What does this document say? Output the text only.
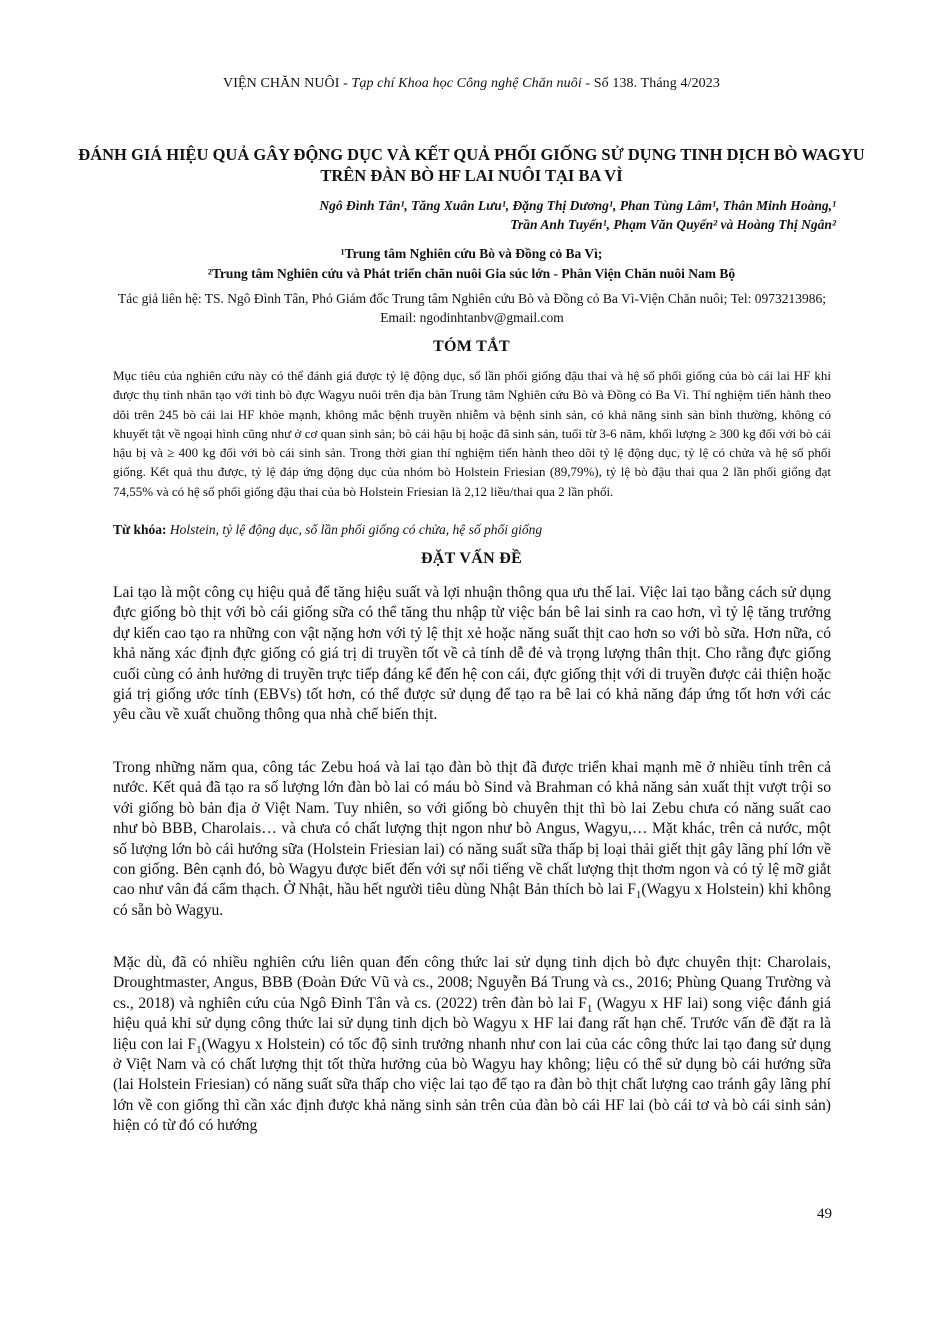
VIỆN CHĂN NUÔI - Tạp chí Khoa học Công nghệ Chăn nuôi - Số 138. Tháng 4/2023
ĐÁNH GIÁ HIỆU QUẢ GÂY ĐỘNG DỤC VÀ KẾT QUẢ PHỐI GIỐNG SỬ DỤNG TINH DỊCH BÒ WAGYU TRÊN ĐÀN BÒ HF LAI NUÔI TẠI BA VÌ
Ngô Đình Tân¹, Tăng Xuân Lưu¹, Đặng Thị Dương¹, Phan Tùng Lâm¹, Thân Minh Hoàng,¹
Trần Anh Tuyến¹, Phạm Văn Quyến² và Hoàng Thị Ngân²
¹Trung tâm Nghiên cứu Bò và Đồng cỏ Ba Vì;
²Trung tâm Nghiên cứu và Phát triển chăn nuôi Gia súc lớn - Phân Viện Chăn nuôi Nam Bộ
Tác giả liên hệ: TS. Ngô Đình Tân, Phó Giám đốc Trung tâm Nghiên cứu Bò và Đồng cỏ Ba Vì-Viện Chăn nuôi; Tel: 0973213986; Email: ngodinhtanbv@gmail.com
TÓM TẮT
Mục tiêu của nghiên cứu này có thể đánh giá được tỷ lệ động dục, số lần phối giống đậu thai và hệ số phối giống của bò cái lai HF khi được thụ tinh nhân tạo với tinh bò đực Wagyu nuôi trên địa bàn Trung tâm Nghiên cứu Bò và Đồng cỏ Ba Vì. Thí nghiệm tiến hành theo dõi trên 245 bò cái lai HF khỏe mạnh, không mắc bệnh truyền nhiễm và bệnh sinh sản, có khả năng sinh sản bình thường, không có khuyết tật về ngoại hình cũng như ở cơ quan sinh sản; bò cái hậu bị hoặc đã sinh sản, tuổi từ 3-6 năm, khối lượng ≥ 300 kg đối với bò cái hậu bị và ≥ 400 kg đối với bò cái sinh sản. Trong thời gian thí nghiệm tiến hành theo dõi tỷ lệ động dục, tỷ lệ có chửa và hệ số phối giống. Kết quả thu được, tỷ lệ đáp ứng động dục của nhóm bò Holstein Friesian (89,79%), tỷ lệ bò đậu thai qua 2 lần phối giống đạt 74,55% và có hệ số phối giống đậu thai của bò Holstein Friesian là 2,12 liều/thai qua 2 lần phối.
Từ khóa: Holstein, tỷ lệ động dục, số lần phối giống có chửa, hệ số phối giống
ĐẶT VẤN ĐỀ

Lai tạo là một công cụ hiệu quả để tăng hiệu suất và lợi nhuận thông qua ưu thế lai. Việc lai tạo bằng cách sử dụng đực giống bò thịt với bò cái giống sữa có thể tăng thu nhập từ việc bán bê lai sinh ra cao hơn, vì tỷ lệ tăng trưởng dự kiến cao tạo ra những con vật nặng hơn với tỷ lệ thịt xẻ hoặc năng suất thịt cao hơn so với bò sữa. Hơn nữa, có khả năng xác định đực giống có giá trị di truyền tốt về cả tính dễ đẻ và trọng lượng thân thịt. Cho rằng đực giống cuối cùng có ảnh hưởng di truyền trực tiếp đáng kể đến hệ con cái, đực giống thịt với di truyền được cải thiện hoặc giá trị giống ước tính (EBVs) tốt hơn, có thể được sử dụng để tạo ra bê lai có khả năng đáp ứng tốt hơn với các yêu cầu về xuất chuồng thông qua nhà chế biến thịt.

Trong những năm qua, công tác Zebu hoá và lai tạo đàn bò thịt đã được triển khai mạnh mẽ ở nhiều tỉnh trên cả nước. Kết quả đã tạo ra số lượng lớn đàn bò lai có máu bò Sind và Brahman có khả năng sản xuất thịt vượt trội so với giống bò bản địa ở Việt Nam. Tuy nhiên, so với giống bò chuyên thịt thì bò lai Zebu chưa có năng suất cao như bò BBB, Charolais… và chưa có chất lượng thịt ngon như bò Angus, Wagyu,… Mặt khác, trên cả nước, một số lượng lớn bò cái hướng sữa (Holstein Friesian lai) có năng suất sữa thấp bị loại thải giết thịt gây lãng phí lớn về con giống. Bên cạnh đó, bò Wagyu được biết đến với sự nổi tiếng về chất lượng thịt thơm ngon và có tỷ lệ mỡ giắt cao như vân đá cẩm thạch. Ở Nhật, hầu hết người tiêu dùng Nhật Bản thích bò lai $F_1(Wagyu$ x Holstein) khi không có sẵn bò Wagyu.

Mặc dù, đã có nhiều nghiên cứu liên quan đến công thức lai sử dụng tinh dịch bò đực chuyên thịt: Charolais, Droughtmaster, Angus, BBB (Đoàn Đức Vũ và cs., 2008; Nguyễn Bá Trung và cs., 2016; Phùng Quang Trường và cs., 2018) và nghiên cứu của Ngô Đình Tân và cs. (2022) trên đàn bò lai $F_1$ (Wagyu x HF lai) song việc đánh giá hiệu quả khi sử dụng công thức lai sử dụng tinh dịch bò Wagyu x HF lai đang rất hạn chế. Trước vấn đề đặt ra là liệu con lai $F_1(Wagyu$ x Holstein) có tốc độ sinh trưởng nhanh như con lai của các công thức lai tạo đang sử dụng ở Việt Nam và có chất lượng thịt tốt thừa hưởng của bò Wagyu hay không; liệu có thể sử dụng bò cái hướng sữa (lai Holstein Friesian) có năng suất sữa thấp cho việc lai tạo để tạo ra đàn bò thịt chất lượng cao tránh gây lãng phí lớn về con giống thì cần xác định được khả năng sinh sản trên của đàn bò cái HF lai (bò cái tơ và bò cái sinh sản) hiện có từ đó có hướng

49
